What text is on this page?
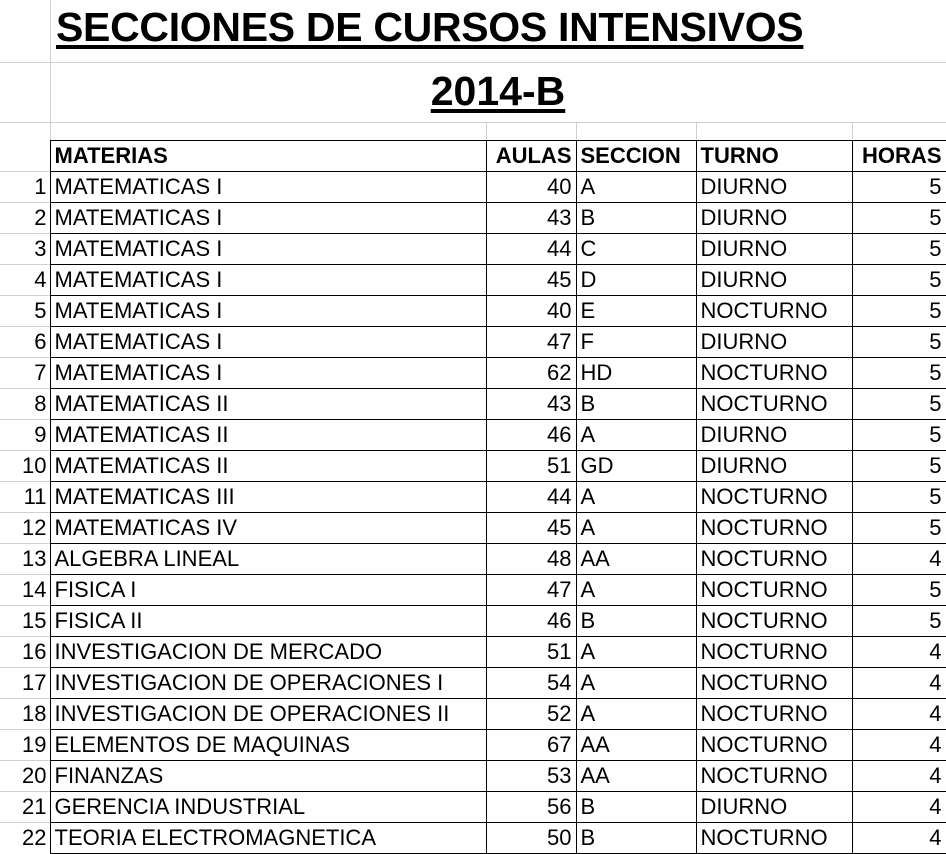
SECCIONES DE CURSOS INTENSIVOS
2014-B
	MATERIAS	AULAS	SECCION	TURNO	HORAS
1	MATEMATICAS I	40	A	DIURNO	5
2	MATEMATICAS I	43	B	DIURNO	5
3	MATEMATICAS I	44	C	DIURNO	5
4	MATEMATICAS I	45	D	DIURNO	5
5	MATEMATICAS I	40	E	NOCTURNO	5
6	MATEMATICAS I	47	F	DIURNO	5
7	MATEMATICAS I	62	HD	NOCTURNO	5
8	MATEMATICAS II	43	B	NOCTURNO	5
9	MATEMATICAS II	46	A	DIURNO	5
10	MATEMATICAS II	51	GD	DIURNO	5
11	MATEMATICAS III	44	A	NOCTURNO	5
12	MATEMATICAS IV	45	A	NOCTURNO	5
13	ALGEBRA LINEAL	48	AA	NOCTURNO	4
14	FISICA I	47	A	NOCTURNO	5
15	FISICA II	46	B	NOCTURNO	5
16	INVESTIGACION DE MERCADO	51	A	NOCTURNO	4
17	INVESTIGACION DE OPERACIONES I	54	A	NOCTURNO	4
18	INVESTIGACION DE OPERACIONES II	52	A	NOCTURNO	4
19	ELEMENTOS DE MAQUINAS	67	AA	NOCTURNO	4
20	FINANZAS	53	AA	NOCTURNO	4
21	GERENCIA INDUSTRIAL	56	B	DIURNO	4
22	TEORIA ELECTROMAGNETICA	50	B	NOCTURNO	4
